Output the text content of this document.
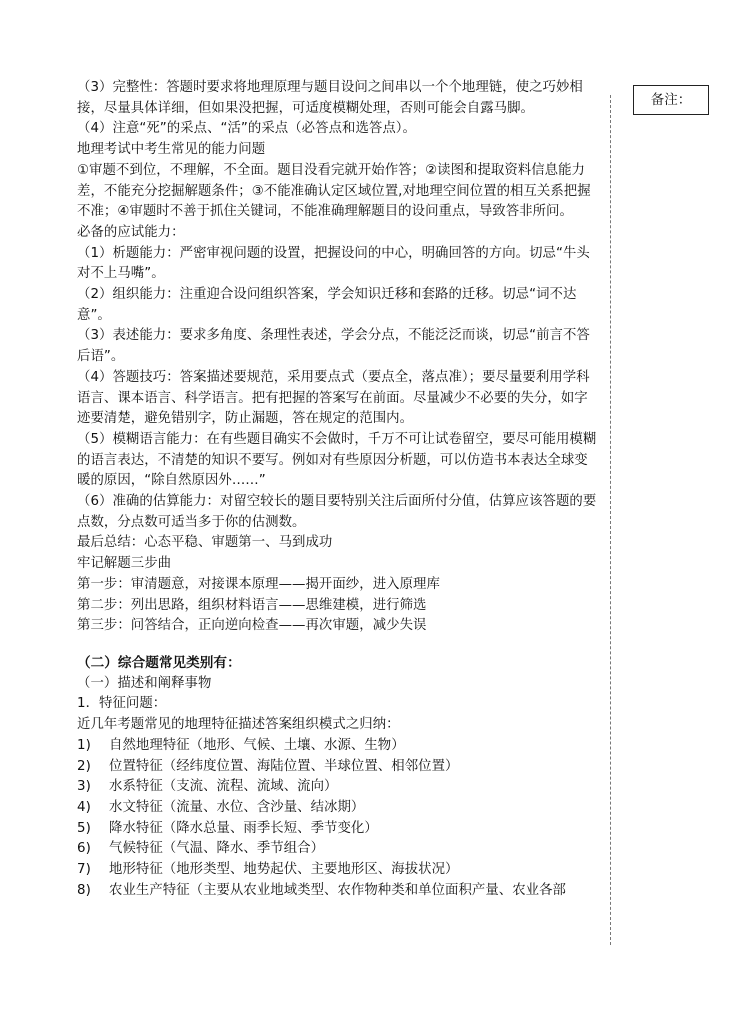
（3）完整性：答题时要求将地理原理与题目设问之间串以一个个地理链，使之巧妙相接，尽量具体详细，但如果没把握，可适度模糊处理，否则可能会自露马脚。

（4）注意“死”的采点、“活”的采点（必答点和选答点）。

地理考试中考生常见的能力问题

①审题不到位，不理解，不全面。题目没看完就开始作答；②读图和提取资料信息能力差，不能充分挖掘解题条件；③不能准确认定区域位置,对地理空间位置的相互关系把握不准；④审题时不善于抓住关键词，不能准确理解题目的设问重点，导致答非所问。

必备的应试能力：

（1）析题能力：严密审视问题的设置，把握设问的中心，明确回答的方向。切忌“牛头对不上马嘴”。

（2）组织能力：注重迎合设问组织答案，学会知识迁移和套路的迁移。切忌“词不达意”。

（3）表述能力：要求多角度、条理性表述，学会分点，不能泛泛而谈，切忌“前言不答后语”。

（4）答题技巧：答案描述要规范，采用要点式（要点全，落点准）；要尽量要利用学科语言、课本语言、科学语言。把有把握的答案写在前面。尽量减少不必要的失分，如字迹要清楚，避免错别字，防止漏题，答在规定的范围内。

（5）模糊语言能力：在有些题目确实不会做时，千万不可让试卷留空，要尽可能用模糊的语言表达，不清楚的知识不要写。例如对有些原因分析题，可以仿造书本表达全球变暖的原因，“除自然原因外……”

（6）准确的估算能力：对留空较长的题目要特别关注后面所付分值，估算应该答题的要点数，分点数可适当多于你的估测数。

最后总结：心态平稳、审题第一、马到成功

牢记解题三步曲

第一步：审清题意，对接课本原理——揭开面纱，进入原理库

第二步：列出思路，组织材料语言——思维建模，进行筛选

第三步：问答结合，正向逆向检查——再次审题，减少失误

（二）综合题常见类别有：

（一）描述和阐释事物

1．特征问题：

近几年考题常见的地理特征描述答案组织模式之归纳：

1)	自然地理特征（地形、气候、土壤、水源、生物）
2)	位置特征（经纬度位置、海陆位置、半球位置、相邻位置）
3)	水系特征（支流、流程、流域、流向）
4)	水文特征（流量、水位、含沙量、结冰期）
5)	降水特征（降水总量、雨季长短、季节变化）
6)	气候特征（气温、降水、季节组合）
7)	地形特征（地形类型、地势起伏、主要地形区、海拔状况）
8)	农业生产特征（主要从农业地域类型、农作物种类和单位面积产量、农业各部
备注：
